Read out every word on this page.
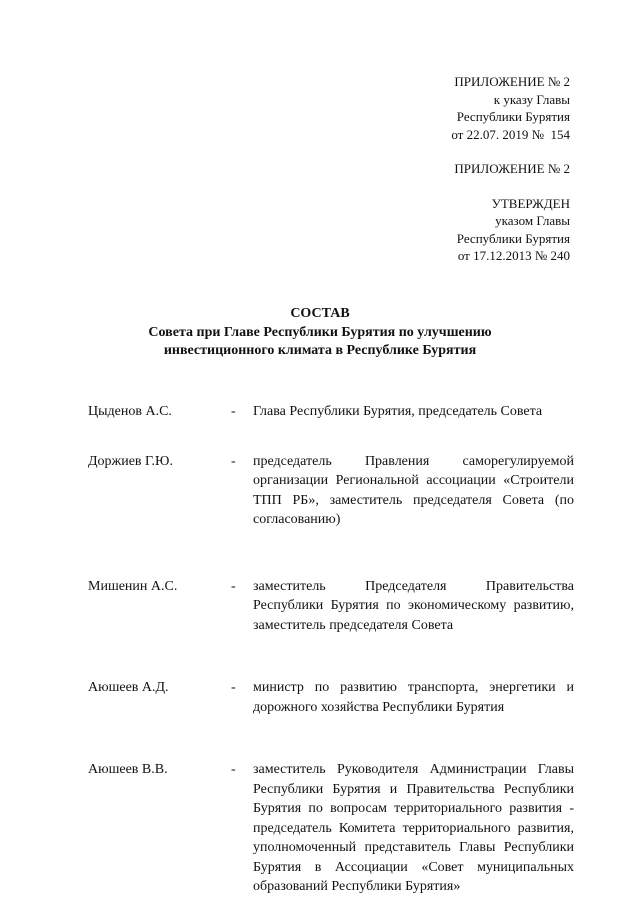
ПРИЛОЖЕНИЕ № 2
к указу Главы
Республики Бурятия
от 22.07. 2019 №  154
ПРИЛОЖЕНИЕ № 2
УТВЕРЖДЕН
указом Главы
Республики Бурятия
от 17.12.2013 № 240
СОСТАВ
Совета при Главе Республики Бурятия по улучшению
инвестиционного климата в Республике Бурятия
Цыденов А.С.	-	Глава Республики Бурятия, председатель Совета
Доржиев Г.Ю.	-	председатель Правления саморегулируемой организации Региональной ассоциации «Строители ТПП РБ», заместитель председателя Совета (по согласованию)
Мишенин А.С.	-	заместитель Председателя Правительства Республики Бурятия по экономическому развитию, заместитель председателя Совета
Аюшеев А.Д.	-	министр по развитию транспорта, энергетики и дорожного хозяйства Республики Бурятия
Аюшеев В.В.	-	заместитель Руководителя Администрации Главы Республики Бурятия и Правительства Республики Бурятия по вопросам территориального развития - председатель Комитета территориального развития, уполномоченный представитель Главы Республики Бурятия в Ассоциации «Совет муниципальных образований Республики Бурятия»
